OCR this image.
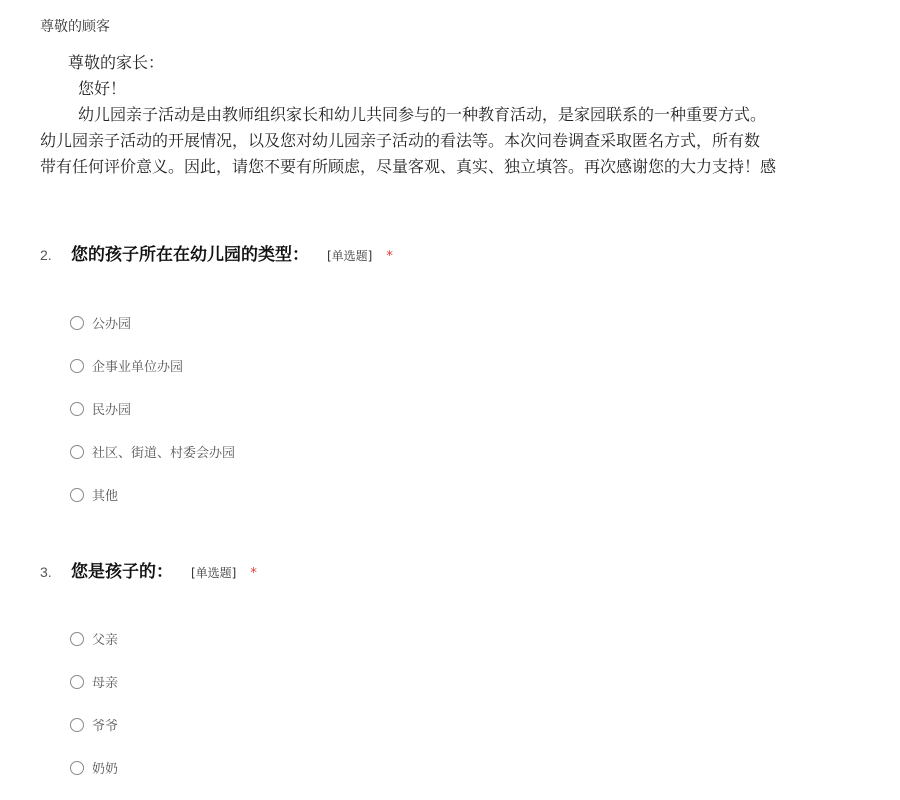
尊敬的顾客
尊敬的家长：
您好！
幼儿园亲子活动是由教师组织家长和幼儿共同参与的一种教育活动，是家园联系的一种重要方式。
幼儿园亲子活动的开展情况，以及您对幼儿园亲子活动的看法等。本次问卷调查采取匿名方式，所有数
带有任何评价意义。因此，请您不要有所顾虑，尽量客观、真实、独立填答。再次感谢您的大力支持！感
2.	您的孩子所在在幼儿园的类型： [单选题] *
公办园
企事业单位办园
民办园
社区、街道、村委会办园
其他
3.	您是孩子的： [单选题] *
父亲
母亲
爷爷
奶奶
